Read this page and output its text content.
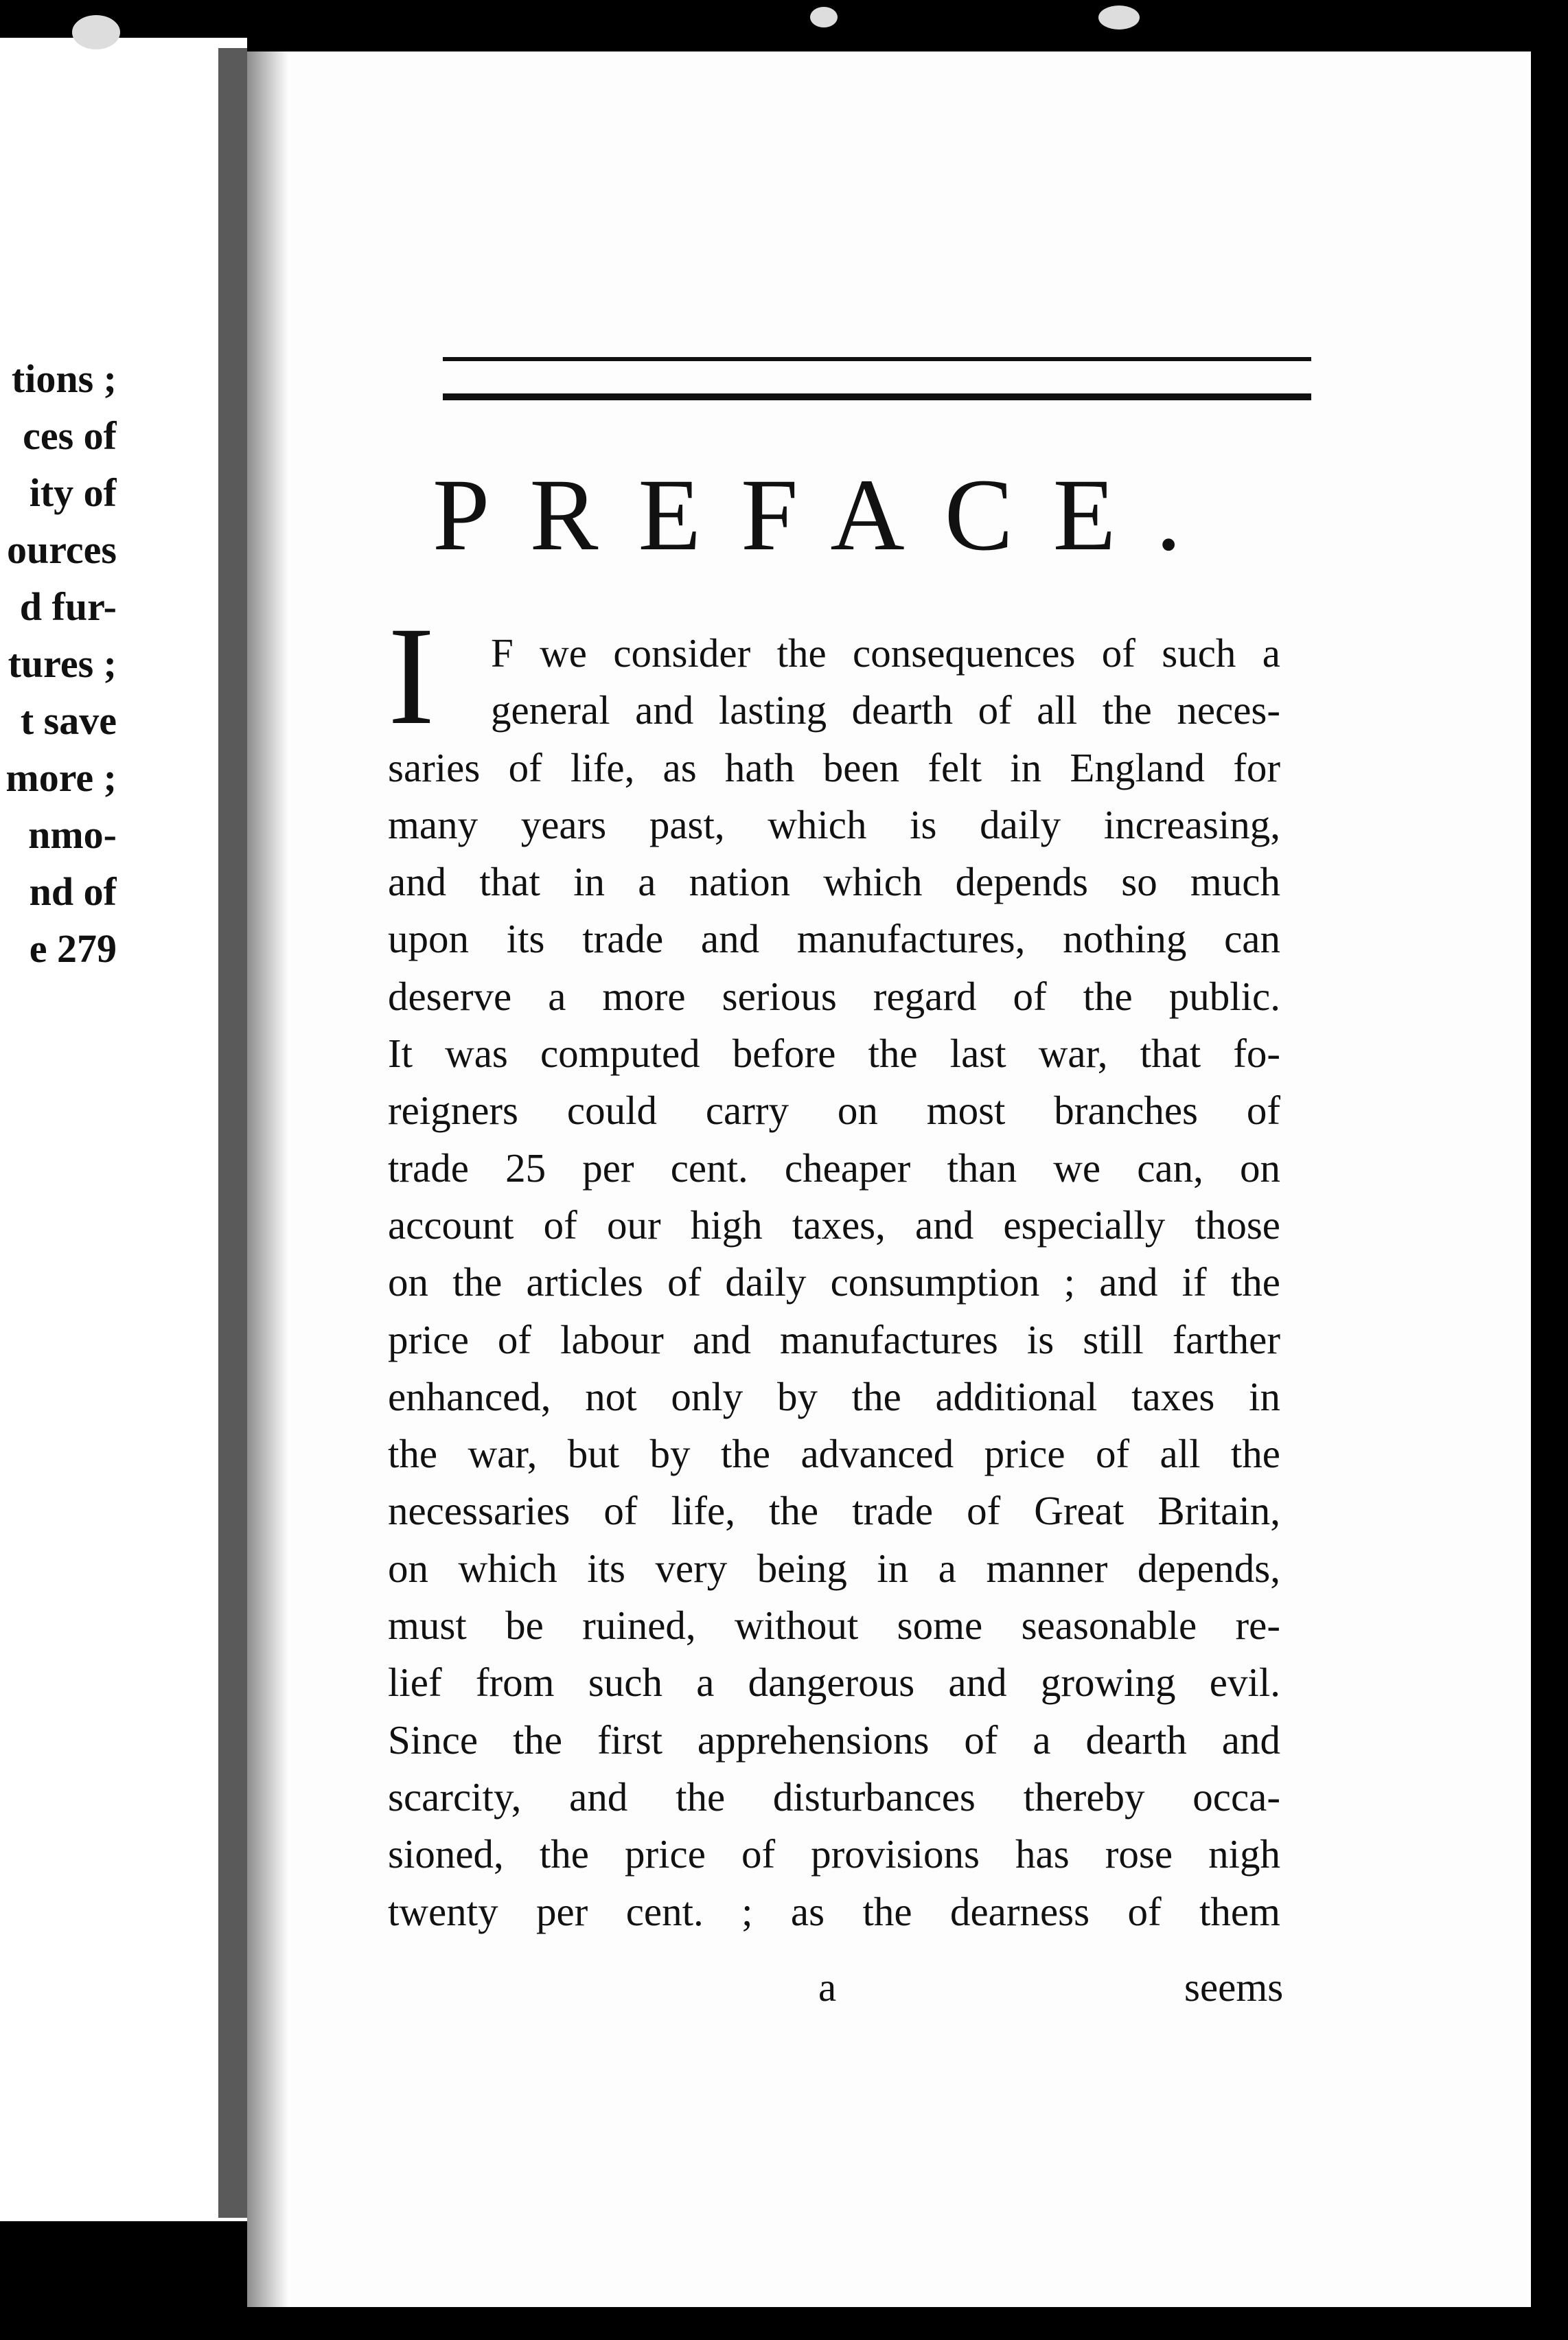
tions ;
ces of
ity of
ources
d fur-
tures ;
t save
more ;
nmo-
nd of
e 279
PREFACE.
I	F we consider the consequences of such a
general and lasting dearth of all the neces-
saries of life, as hath been felt in England for
many years past, which is daily increasing,
and that in a nation which depends so much
upon its trade and manufactures, nothing can
deserve a more serious regard of the public.
It was computed before the last war, that fo-
reigners could carry on most branches of
trade 25 per cent. cheaper than we can, on
account of our high taxes, and especially those
on the articles of daily consumption ; and if the
price of labour and manufactures is still farther
enhanced, not only by the additional taxes in
the war, but by the advanced price of all the
necessaries of life, the trade of Great Britain,
on which its very being in a manner depends,
must be ruined, without some seasonable re-
lief from such a dangerous and growing evil.
Since the first apprehensions of a dearth and
scarcity, and the disturbances thereby occa-
sioned, the price of provisions has rose nigh
twenty per cent. ; as the dearness of them
a	seems
